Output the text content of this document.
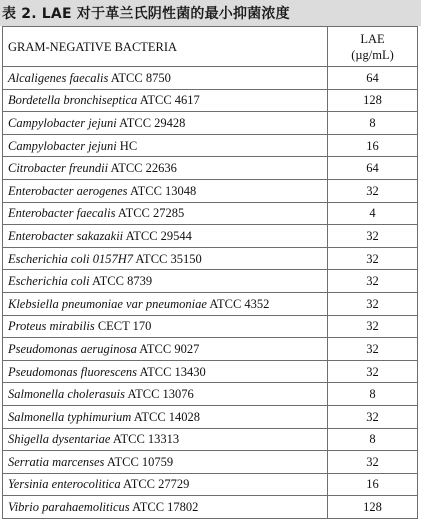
表 2. LAE 对于革兰氏阴性菌的最小抑菌浓度
GRAM-NEGATIVE BACTERIA	LAE
(µg/mL)
Alcaligenes faecalis ATCC 8750	64
Bordetella bronchiseptica ATCC 4617	128
Campylobacter jejuni ATCC 29428	8
Campylobacter jejuni HC	16
Citrobacter freundii ATCC 22636	64
Enterobacter aerogenes ATCC 13048	32
Enterobacter faecalis ATCC 27285	4
Enterobacter sakazakii ATCC 29544	32
Escherichia coli 0157H7 ATCC 35150	32
Escherichia coli ATCC 8739	32
Klebsiella pneumoniae var pneumoniae ATCC 4352	32
Proteus mirabilis CECT 170	32
Pseudomonas aeruginosa ATCC 9027	32
Pseudomonas fluorescens ATCC 13430	32
Salmonella cholerasuis ATCC 13076	8
Salmonella typhimurium ATCC 14028	32
Shigella dysentariae ATCC 13313	8
Serratia marcenses ATCC 10759	32
Yersinia enterocolitica ATCC 27729	16
Vibrio parahaemoliticus ATCC 17802	128
